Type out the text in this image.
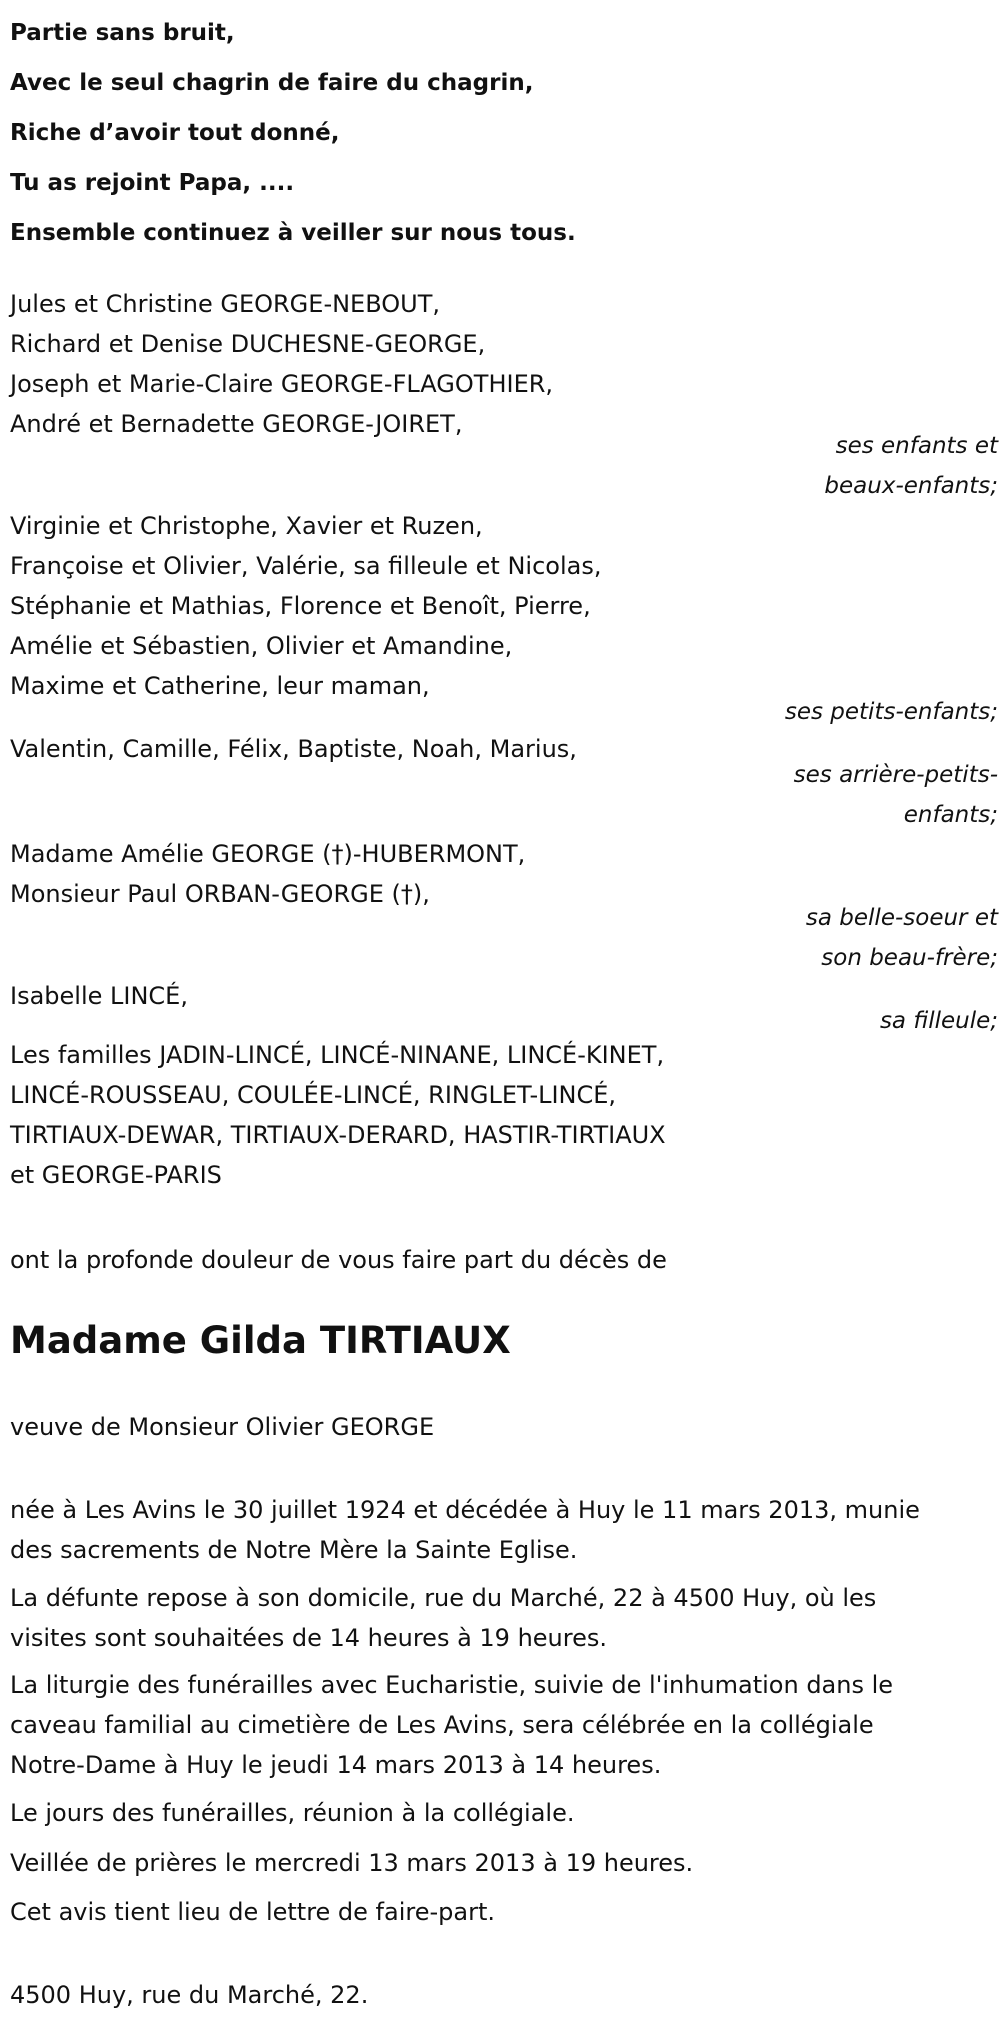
Partie sans bruit,
Avec le seul chagrin de faire du chagrin,
Riche d’avoir tout donné,
Tu as rejoint Papa, ....
Ensemble continuez à veiller sur nous tous.
Jules et Christine GEORGE-NEBOUT,
Richard et Denise DUCHESNE-GEORGE,
Joseph et Marie-Claire GEORGE-FLAGOTHIER,
André et Bernadette GEORGE-JOIRET,
ses enfants et
beaux-enfants;
Virginie et Christophe, Xavier et Ruzen,
Françoise et Olivier, Valérie, sa filleule et Nicolas,
Stéphanie et Mathias, Florence et Benoît, Pierre,
Amélie et Sébastien, Olivier et Amandine,
Maxime et Catherine, leur maman,
ses petits-enfants;
Valentin, Camille, Félix, Baptiste, Noah, Marius,
ses arrière-petits-
enfants;
Madame Amélie GEORGE (†)-HUBERMONT,
Monsieur Paul ORBAN-GEORGE (†),
sa belle-soeur et
son beau-frère;
Isabelle LINCÉ,
sa filleule;
Les familles JADIN-LINCÉ, LINCÉ-NINANE, LINCÉ-KINET,
LINCÉ-ROUSSEAU, COULÉE-LINCÉ, RINGLET-LINCÉ,
TIRTIAUX-DEWAR, TIRTIAUX-DERARD, HASTIR-TIRTIAUX
et GEORGE-PARIS
ont la profonde douleur de vous faire part du décès de
Madame Gilda TIRTIAUX
veuve de Monsieur Olivier GEORGE
née à Les Avins le 30 juillet 1924 et décédée à Huy le 11 mars 2013, munie
des sacrements de Notre Mère la Sainte Eglise.
La défunte repose à son domicile, rue du Marché, 22 à 4500 Huy, où les
visites sont souhaitées de 14 heures à 19 heures.
La liturgie des funérailles avec Eucharistie, suivie de l'inhumation dans le
caveau familial au cimetière de Les Avins, sera célébrée en la collégiale
Notre-Dame à Huy le jeudi 14 mars 2013 à 14 heures.
Le jours des funérailles, réunion à la collégiale.
Veillée de prières le mercredi 13 mars 2013 à 19 heures.
Cet avis tient lieu de lettre de faire-part.
4500 Huy, rue du Marché, 22.
